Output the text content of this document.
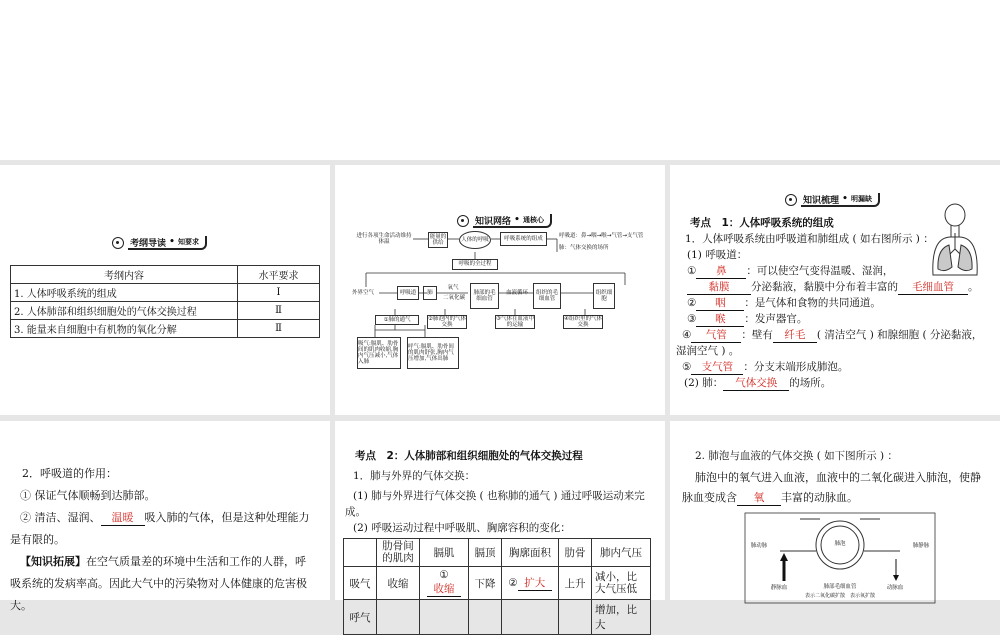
考纲导读 • 知要求
考纲内容	水平要求
1. 人体呼吸系统的组成	Ⅰ
2. 人体肺部和组织细胞处的气体交换过程	Ⅱ
3. 能量来自细胞中有机物的氧化分解	Ⅱ
知识网络 • 通核心
进行各项生命活动维持体温
能量的供给
人体的呼吸	呼吸系统的组成	呼吸道：鼻→咽→喉→气管→支气管
肺：气体交换的场所
呼吸的全过程
外界空气	呼吸道	肺
氧气
二氧化碳
肺部的毛细血管
血液循环	组织的毛细血管
组织细胞
①肺的通气	②肺泡内的气体交换
③气体在血液中的运输
④组织里的气体交换
吸气:膈肌、肋骨间的肌肉收缩,胸内气压减小,气体入肺
呼气:膈肌、肋骨间的肌肉舒张,胸内气压增加,气体出肺
知识梳理 • 明漏缺
考点　1：人体呼吸系统的组成
1．人体呼吸系统由呼吸道和肺组成 ( 如右图所示 ) ：
(1) 呼吸道：
① 鼻 ：可以使空气变得温暖、湿润，
黏膜 分泌黏液，黏膜中分布着丰富的 毛细血管 。
② 咽 ：是气体和食物的共同通道。
③ 喉 ：发声器官。
④ 气管 ：壁有 纤毛 ( 清洁空气 ) 和腺细胞 ( 分泌黏液，
湿润空气 ) 。
⑤ 支气管 ：分支末端形成肺泡。
(2) 肺： 气体交换 的场所。
2．呼吸道的作用：
① 保证气体顺畅到达肺部。
② 清洁、湿润、 温暖 吸入肺的气体，但是这种处理能力
是有限的。
【知识拓展】在空气质量差的环境中生活和工作的人群，呼
吸系统的发病率高。因此大气中的污染物对人体健康的危害极
大。
考点　2：人体肺部和组织细胞处的气体交换过程
1．肺与外界的气体交换：
(1) 肺与外界进行气体交换 ( 也称肺的通气 ) 通过呼吸运动来完
成。
(2) 呼吸运动过程中呼吸肌、胸廓容积的变化：
	肋骨间的肌肉	膈肌	膈顶	胸廓面积	肋骨	肺内气压
吸气	收缩	①收缩	下降	② 扩大	上升	减小，比大气压低
呼气						增加，比大
2. 肺泡与血液的气体交换 ( 如下图所示 ) ：
肺泡中的氧气进入血液，血液中的二氧化碳进入肺泡，使静
脉血变成含 氧 丰富的动脉血。
肺动脉	肺静脉
肺泡
静脉血	肺部毛细血管	动脉血
表示二氧化碳扩散　表示氧扩散
